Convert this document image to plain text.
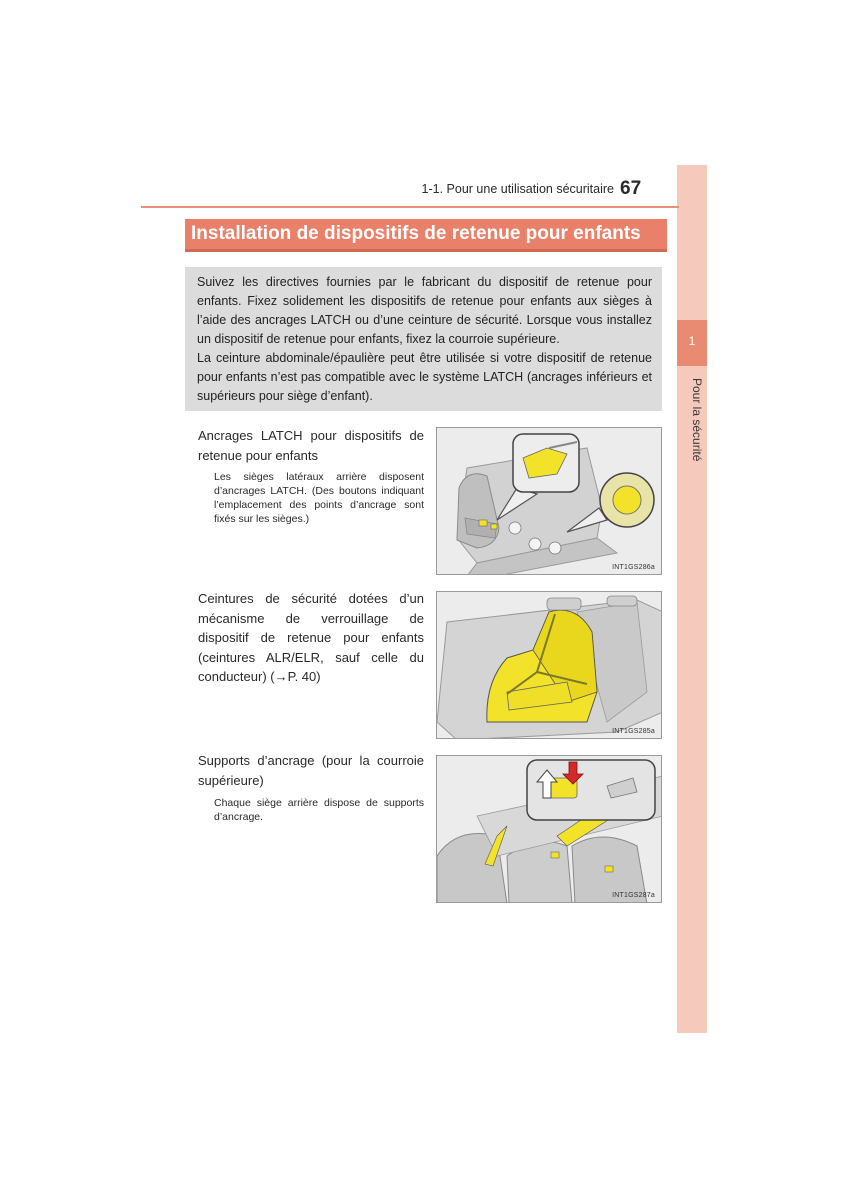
1
Pour la sécurité
1-1. Pour une utilisation sécuritaire 67
Installation de dispositifs de retenue pour enfants

Suivez les directives fournies par le fabricant du dispositif de retenue pour enfants. Fixez solidement les dispositifs de retenue pour enfants aux sièges à l’aide des ancrages LATCH ou d’une ceinture de sécurité. Lorsque vous installez un dispositif de retenue pour enfants, fixez la courroie supérieure.

La ceinture abdominale/épaulière peut être utilisée si votre dispositif de retenue pour enfants n’est pas compatible avec le système LATCH (ancrages inférieurs et supérieurs pour siège d’enfant).

Ancrages LATCH pour dispositifs de retenue pour enfants
Les sièges latéraux arrière disposent d’ancrages LATCH. (Des boutons indiquant l’emplacement des points d’ancrage sont fixés sur les sièges.)
INT1GS286a
Ceintures de sécurité dotées d’un mécanisme de verrouillage de dispositif de retenue pour enfants (ceintures ALR/ELR, sauf celle du conducteur) (→P. 40)
INT1GS285a
Supports d’ancrage (pour la courroie supérieure)
Chaque siège arrière dispose de supports d’ancrage.
INT1GS287a
